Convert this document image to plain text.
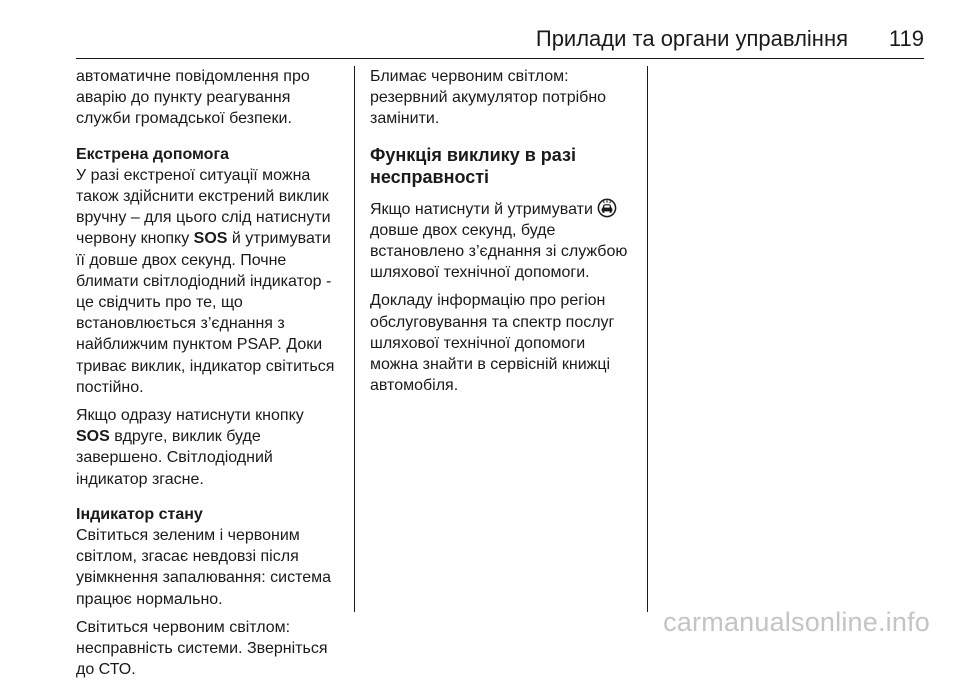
Прилади та органи управління 119

автоматичне повідомлення про
аварію до пункту реагування
служби громадської безпеки.

Екстрена допомога

У разі екстреної ситуації можна
також здійснити екстрений виклик
вручну – для цього слід натиснути
червону кнопку SOS й утримувати
її довше двох секунд. Почне
блимати світлодіодний індикатор -
це свідчить про те, що
встановлюється з’єднання з
найближчим пунктом PSAP. Доки
триває виклик, індикатор світиться
постійно.

Якщо одразу натиснути кнопку
SOS вдруге, виклик буде
завершено. Світлодіодний
індикатор згасне.

Індикатор стану

Світиться зеленим і червоним
світлом, згасає невдовзі після
увімкнення запалювання: система
працює нормально.

Світиться червоним світлом:
несправність системи. Зверніться
до СТО.

Блимає червоним світлом:
резервний акумулятор потрібно
замінити.

Функція виклику в разі
несправності

Якщо натиснути й утримувати
довше двох секунд, буде
встановлено з’єднання зі службою
шляхової технічної допомоги.

Докладу інформацію про регіон
обслуговування та спектр послуг
шляхової технічної допомоги
можна знайти в сервісній книжці
автомобіля.

carmanualsonline.info
